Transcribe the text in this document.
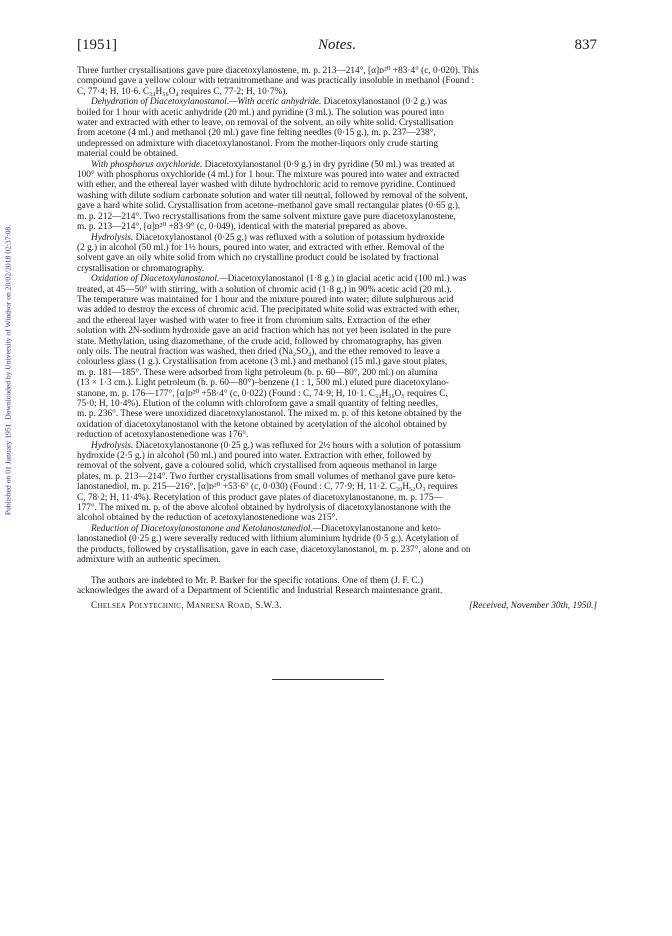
Published on 01 January 1951. Downloaded by University of Windsor on 20/02/2018 02:37:08.
[1951]	Notes.	837

Three further crystallisations gave pure diacetoxylanostene, m. p. 213—214°, [α]ᴅ²⁰ +83·4° (c, 0·020). This
compound gave a yellow colour with tetranitromethane and was practically insoluble in methanol (Found :
C, 77·4; H, 10·6. C₃₄H₅₆O₄ requires C, 77·2; H, 10·7%).

Dehydration of Diacetoxylanostanol.—With acetic anhydride. Diacetoxylanostanol (0·2 g.) was
boiled for 1 hour with acetic anhydride (20 ml.) and pyridine (3 ml.). The solution was poured into
water and extracted with ether to leave, on removal of the solvent, an oily white solid. Crystallisation
from acetone (4 ml.) and methanol (20 ml.) gave fine felting needles (0·15 g.), m. p. 237—238°,
undepressed on admixture with diacetoxylanostanol. From the mother-liquors only crude starting
material could be obtained.

With phosphorus oxychloride. Diacetoxylanostanol (0·9 g.) in dry pyridine (50 ml.) was treated at
100° with phosphorus oxychloride (4 ml.) for 1 hour. The mixture was poured into water and extracted
with ether, and the ethereal layer washed with dilute hydrochloric acid to remove pyridine. Continued
washing with dilute sodium carbonate solution and water till neutral, followed by removal of the solvent,
gave a hard white solid. Crystallisation from acetone–methanol gave small rectangular plates (0·65 g.),
m. p. 212—214°. Two recrystallisations from the same solvent mixture gave pure diacetoxylanostene,
m. p. 213—214°, [α]ᴅ²⁰ +83·9° (c, 0·049), identical with the material prepared as above.

Hydrolysis. Diacetoxylanostanol (0·25 g.) was refluxed with a solution of potassium hydroxide
(2 g.) in alcohol (50 ml.) for 1½ hours, poured into water, and extracted with ether. Removal of the
solvent gave an oily white solid from which no crystalline product could be isolated by fractional
crystallisation or chromatography.

Oxidation of Diacetoxylanostanol.—Diacetoxylanostanol (1·8 g.) in glacial acetic acid (100 ml.) was
treated, at 45—50° with stirring, with a solution of chromic acid (1·8 g.) in 90% acetic acid (20 ml.).
The temperature was maintained for 1 hour and the mixture poured into water; dilute sulphurous acid
was added to destroy the excess of chromic acid. The precipitated white solid was extracted with ether,
and the ethereal layer washed with water to free it from chromium salts. Extraction of the ether
solution with 2N-sodium hydroxide gave an acid fraction which has not yet been isolated in the pure
state. Methylation, using diazomethane, of the crude acid, followed by chromatography, has given
only oils. The neutral fraction was washed, then dried (Na₂SO₄), and the ether removed to leave a
colourless glass (1 g.). Crystallisation from acetone (3 ml.) and methanol (15 ml.) gave stout plates,
m. p. 181—185°. These were adsorbed from light petroleum (b. p. 60—80°, 200 ml.) on alumina
(13 × 1·3 cm.). Light petroleum (b. p. 60—80°)–benzene (1 : 1, 500 ml.) eluted pure diacetoxylano-
stanone, m. p. 176—177°, [α]ᴅ²⁰ +58·4° (c, 0·022) (Found : C, 74·9; H, 10·1. C₃₄H₅₆O₅ requires C,
75·0; H, 10·4%). Elution of the column with chloroform gave a small quantity of felting needles,
m. p. 236°. These were unoxidized diacetoxylanostanol. The mixed m. p. of this ketone obtained by the
oxidation of diacetoxylanostanol with the ketone obtained by acetylation of the alcohol obtained by
reduction of acetoxylanostenedione was 176°.

Hydrolysis. Diacetoxylanostanone (0·25 g.) was refluxed for 2½ hours with a solution of potassium
hydroxide (2·5 g.) in alcohol (50 ml.) and poured into water. Extraction with ether, followed by
removal of the solvent, gave a coloured solid, which crystallised from aqueous methanol in large
plates, m. p. 213—214°. Two further crystallisations from small volumes of methanol gave pure keto-
lanostanediol, m. p. 215—216°, [α]ᴅ²⁰ +53·6° (c, 0·030) (Found : C, 77·9; H, 11·2. C₃₀H₅₂O₃ requires
C, 78·2; H, 11·4%). Recetylation of this product gave plates of diacetoxylanostanone, m. p. 175—
177°. The mixed m. p. of the above alcohol obtained by hydrolysis of diacetoxylanostanone with the
alcohol obtained by the reduction of acetoxylanostenedione was 215°.

Reduction of Diacetoxylanostanone and Ketolanostanediol.—Diacetoxylanostanone and keto-
lanostanediol (0·25 g.) were severally reduced with lithium aluminium hydride (0·5 g.). Acetylation of
the products, followed by crystallisation, gave in each case, diacetoxylanostanol, m. p. 237°, alone and on
admixture with an authentic specimen.

The authors are indebted to Mr. P. Barker for the specific rotations. One of them (J. F. C.)
acknowledges the award of a Department of Scientific and Industrial Research maintenance grant.

Chelsea Polytechnic, Manresa Road, S.W.3.	[Received, November 30th, 1950.]
